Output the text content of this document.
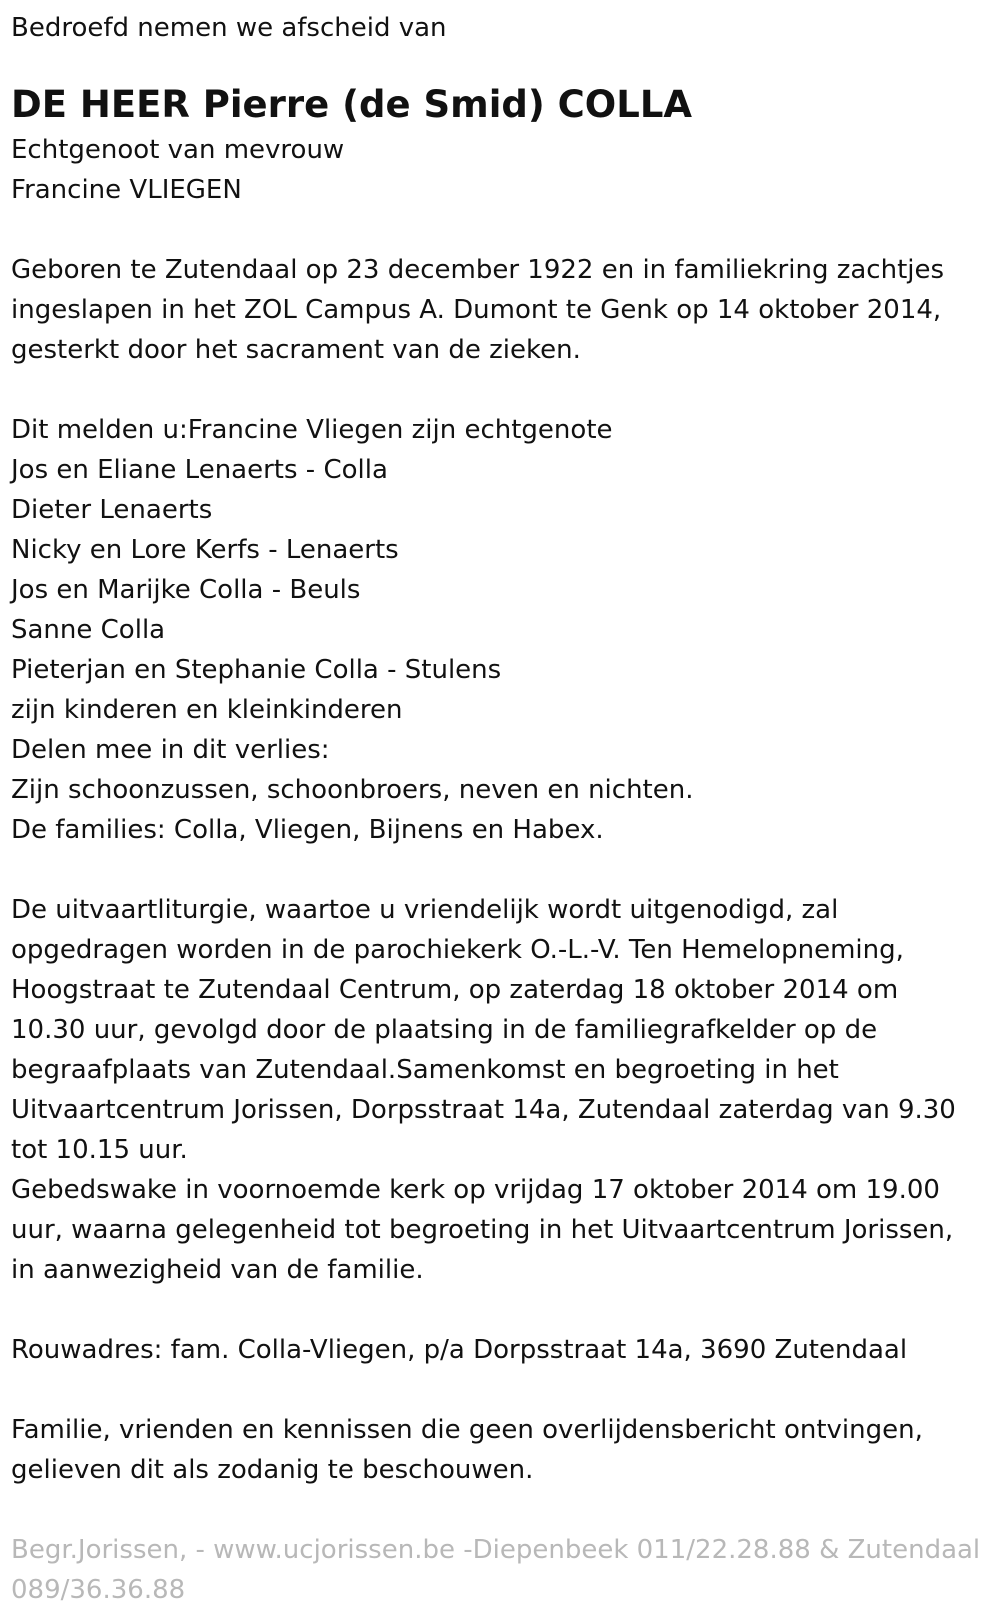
Bedroefd nemen we afscheid van
DE HEER Pierre (de Smid) COLLA
Echtgenoot van mevrouw
Francine VLIEGEN
Geboren te Zutendaal op 23 december 1922 en in familiekring zachtjes
ingeslapen in het ZOL Campus A. Dumont te Genk op 14 oktober 2014,
gesterkt door het sacrament van de zieken.
Dit melden u:Francine Vliegen zijn echtgenote
Jos en Eliane Lenaerts - Colla
Dieter Lenaerts
Nicky en Lore Kerfs - Lenaerts
Jos en Marijke Colla - Beuls
Sanne Colla
Pieterjan en Stephanie Colla - Stulens
zijn kinderen en kleinkinderen
Delen mee in dit verlies:
Zijn schoonzussen, schoonbroers, neven en nichten.
De families: Colla, Vliegen, Bijnens en Habex.
De uitvaartliturgie, waartoe u vriendelijk wordt uitgenodigd, zal
opgedragen worden in de parochiekerk O.-L.-V. Ten Hemelopneming,
Hoogstraat te Zutendaal Centrum, op zaterdag 18 oktober 2014 om
10.30 uur, gevolgd door de plaatsing in de familiegrafkelder op de
begraafplaats van Zutendaal.Samenkomst en begroeting in het
Uitvaartcentrum Jorissen, Dorpsstraat 14a, Zutendaal zaterdag van 9.30
tot 10.15 uur.
Gebedswake in voornoemde kerk op vrijdag 17 oktober 2014 om 19.00
uur, waarna gelegenheid tot begroeting in het Uitvaartcentrum Jorissen,
in aanwezigheid van de familie.
Rouwadres: fam. Colla-Vliegen, p/a Dorpsstraat 14a, 3690 Zutendaal
Familie, vrienden en kennissen die geen overlijdensbericht ontvingen,
gelieven dit als zodanig te beschouwen.
Begr.Jorissen, - www.ucjorissen.be -Diepenbeek 011/22.28.88 & Zutendaal
089/36.36.88
